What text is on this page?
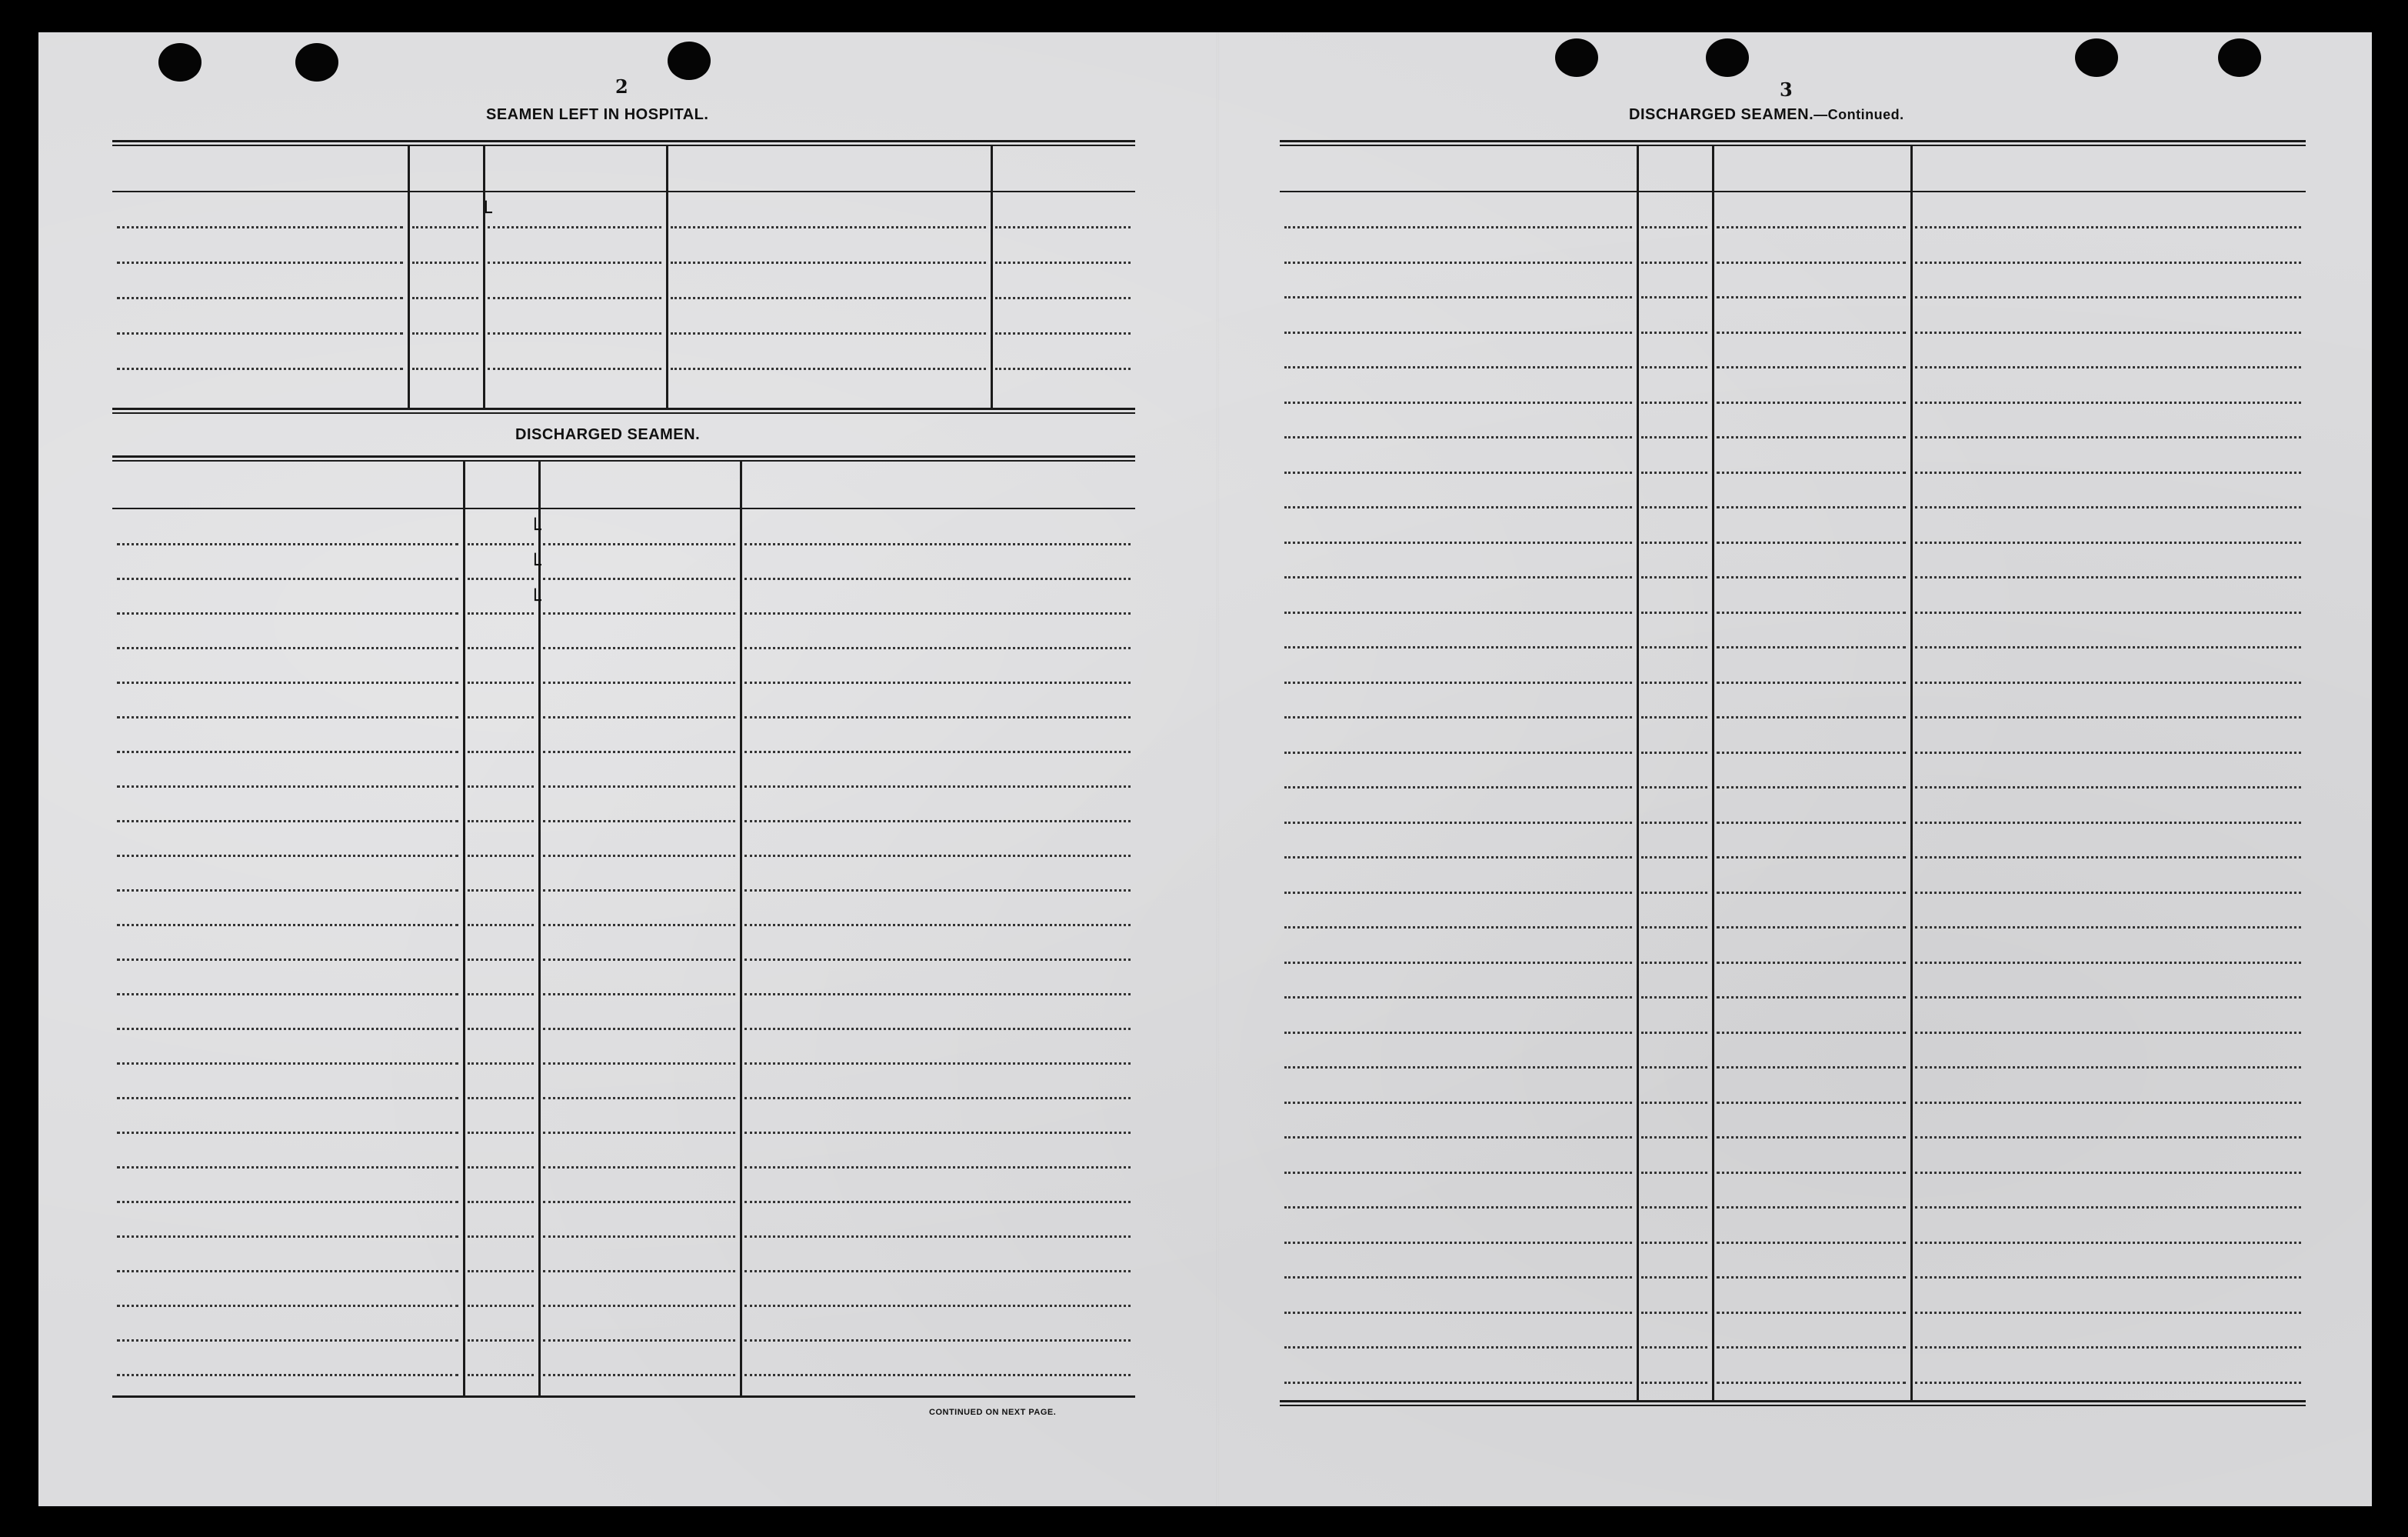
2
SEAMEN LEFT IN HOSPITAL.
└
DISCHARGED SEAMEN.
└
└
└
CONTINUED ON NEXT PAGE.
3
DISCHARGED SEAMEN.—Continued.
